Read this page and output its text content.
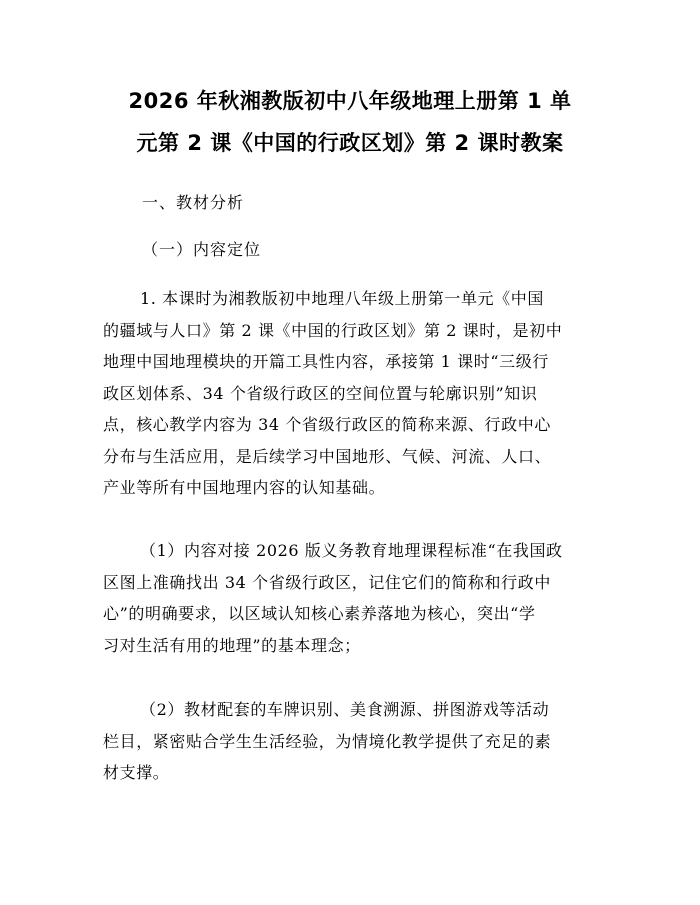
2026 年秋湘教版初中八年级地理上册第 1 单
元第 2 课《中国的行政区划》第 2 课时教案
一、教材分析
（一）内容定位
1. 本课时为湘教版初中地理八年级上册第一单元《中国
的疆域与人口》第 2 课《中国的行政区划》第 2 课时，是初中
地理中国地理模块的开篇工具性内容，承接第 1 课时“三级行
政区划体系、34 个省级行政区的空间位置与轮廓识别”知识
点，核心教学内容为 34 个省级行政区的简称来源、行政中心
分布与生活应用，是后续学习中国地形、气候、河流、人口、
产业等所有中国地理内容的认知基础。
（1）内容对接 2026 版义务教育地理课程标准“在我国政
区图上准确找出 34 个省级行政区，记住它们的简称和行政中
心”的明确要求，以区域认知核心素养落地为核心，突出“学
习对生活有用的地理”的基本理念；
（2）教材配套的车牌识别、美食溯源、拼图游戏等活动
栏目，紧密贴合学生生活经验，为情境化教学提供了充足的素
材支撑。
